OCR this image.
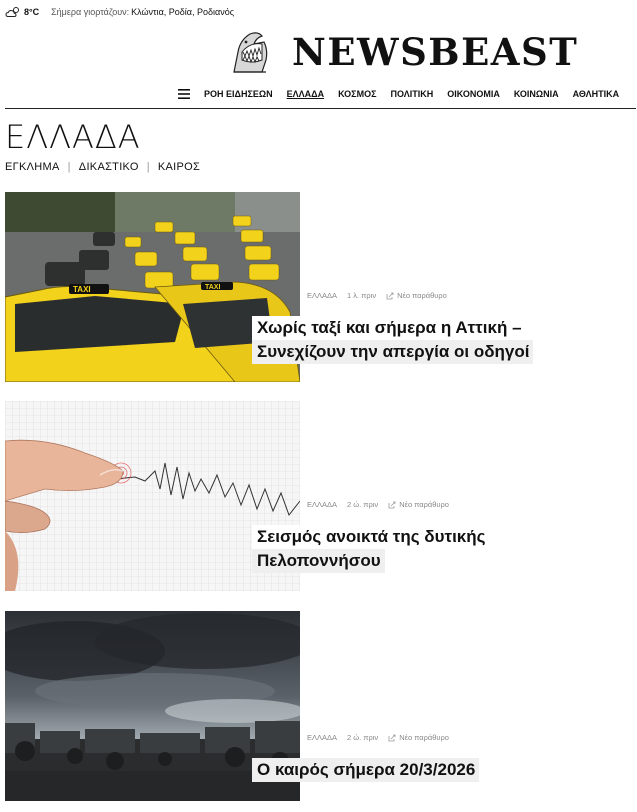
8°C Σήμερα γιορτάζουν: Κλώντια, Ροδία, Ροδιανός
NEWSBEAST
ΡΟΗ ΕΙΔΗΣΕΩΝ ΕΛΛΑΔΑ ΚΟΣΜΟΣ ΠΟΛΙΤΙΚΗ ΟΙΚΟΝΟΜΙΑ ΚΟΙΝΩΝΙΑ ΑΘΛΗΤΙΚΑ
ΕΛΛΑΔΑ
ΕΓΚΛΗΜΑ | ΔΙΚΑΣΤΙΚΟ | ΚΑΙΡΟΣ
TAXI	TAXI
ΕΛΛΑΔΑ 1 λ. πριν	Νέο παράθυρο
Χωρίς ταξί και σήμερα η Αττική –
Συνεχίζουν την απεργία οι οδηγοί
ΕΛΛΑΔΑ 2 ώ. πριν	Νέο παράθυρο
Σεισμός ανοικτά της δυτικής
Πελοποννήσου
ΕΛΛΑΔΑ 2 ώ. πριν	Νέο παράθυρο
Ο καιρός σήμερα 20/3/2026
